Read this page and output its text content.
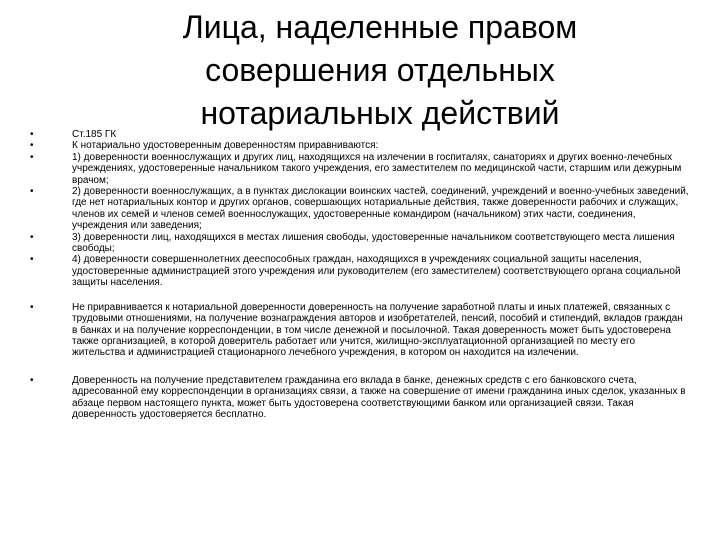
Лица, наделенные правом
совершения отдельных
нотариальных действий
•	Ст.185 ГК
•	К нотариально удостоверенным доверенностям приравниваются:
•	1) доверенности военнослужащих и других лиц, находящихся на излечении в госпиталях, санаториях и других военно-лечебных учреждениях, удостоверенные начальником такого учреждения, его заместителем по медицинской части, старшим или дежурным врачом;
•	2) доверенности военнослужащих, а в пунктах дислокации воинских частей, соединений, учреждений и военно-учебных заведений, где нет нотариальных контор и других органов, совершающих нотариальные действия, также доверенности рабочих и служащих, членов их семей и членов семей военнослужащих, удостоверенные командиром (начальником) этих части, соединения, учреждения или заведения;
•	3) доверенности лиц, находящихся в местах лишения свободы, удостоверенные начальником соответствующего места лишения свободы;
•	4) доверенности совершеннолетних дееспособных граждан, находящихся в учреждениях социальной защиты населения, удостоверенные администрацией этого учреждения или руководителем (его заместителем) соответствующего органа социальной защиты населения.
•	Не приравнивается к нотариальной доверенности доверенность на получение заработной платы и иных платежей, связанных с трудовыми отношениями, на получение вознаграждения авторов и изобретателей, пенсий, пособий и стипендий, вкладов граждан в банках и на получение корреспонденции, в том числе денежной и посылочной. Такая доверенность может быть удостоверена также организацией, в которой доверитель работает или учится, жилищно-эксплуатационной организацией по месту его жительства и администрацией стационарного лечебного учреждения, в котором он находится на излечении.
•	Доверенность на получение представителем гражданина его вклада в банке, денежных средств с его банковского счета, адресованной ему корреспонденции в организациях связи, а также на совершение от имени гражданина иных сделок, указанных в абзаце первом настоящего пункта, может быть удостоверена соответствующими банком или организацией связи. Такая доверенность удостоверяется бесплатно.
